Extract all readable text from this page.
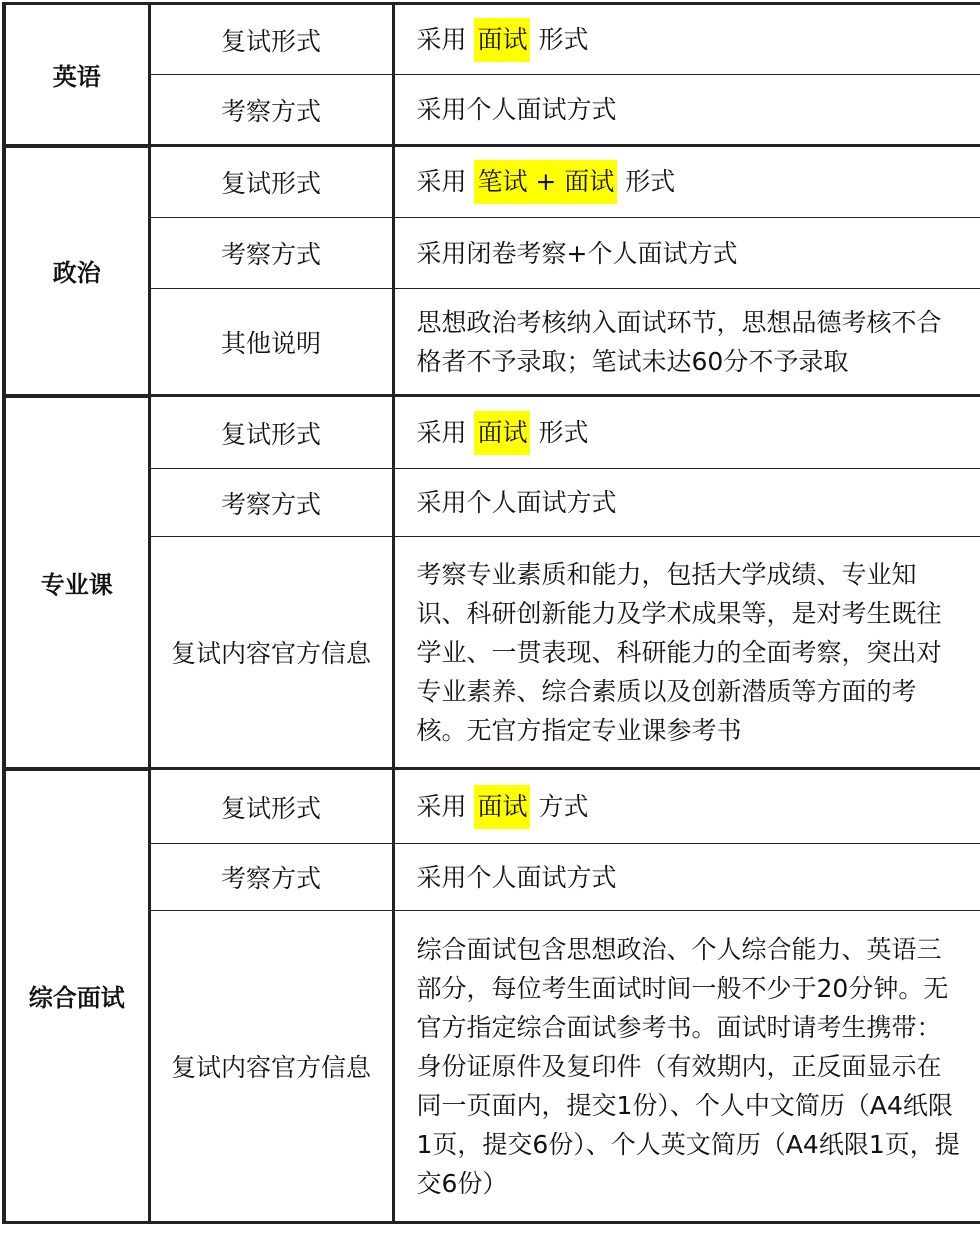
英语	复试形式	采用 面试 形式
	考察方式	采用个人面试方式
政治	复试形式	采用 笔试 + 面试 形式
	考察方式	采用闭卷考察+个人面试方式
	其他说明	思想政治考核纳入面试环节，思想品德考核不合格者不予录取；笔试未达60分不予录取
专业课	复试形式	采用 面试 形式
	考察方式	采用个人面试方式
	复试内容官方信息	考察专业素质和能力，包括大学成绩、专业知识、科研创新能力及学术成果等，是对考生既往学业、一贯表现、科研能力的全面考察，突出对专业素养、综合素质以及创新潜质等方面的考核。无官方指定专业课参考书
综合面试	复试形式	采用 面试 方式
	考察方式	采用个人面试方式
	复试内容官方信息	综合面试包含思想政治、个人综合能力、英语三部分，每位考生面试时间一般不少于20分钟。无官方指定综合面试参考书。面试时请考生携带：身份证原件及复印件（有效期内，正反面显示在同一页面内，提交1份）、个人中文简历（A4纸限1页，提交6份）、个人英文简历（A4纸限1页，提交6份）
